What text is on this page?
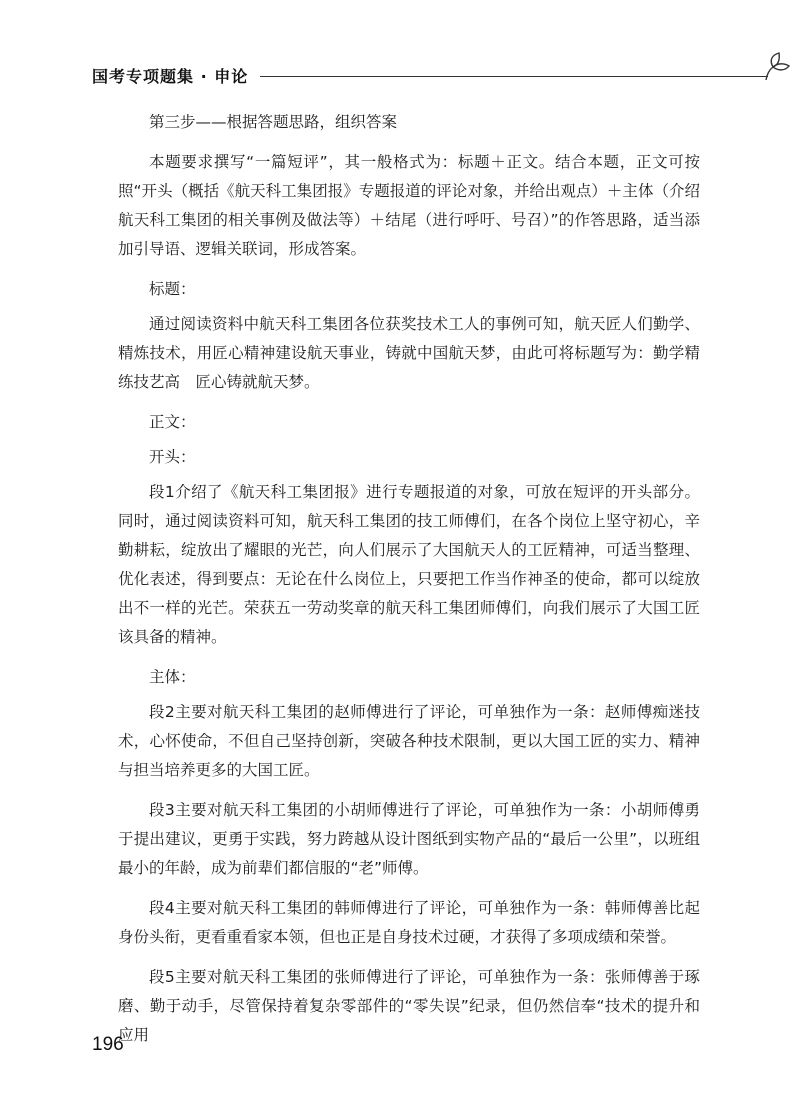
国考专项题集 · 申论

第三步——根据答题思路，组织答案

本题要求撰写“一篇短评”，其一般格式为：标题＋正文。结合本题，正文可按照“开头（概括《航天科工集团报》专题报道的评论对象，并给出观点）＋主体（介绍航天科工集团的相关事例及做法等）＋结尾（进行呼吁、号召）”的作答思路，适当添加引导语、逻辑关联词，形成答案。

标题：

通过阅读资料中航天科工集团各位获奖技术工人的事例可知，航天匠人们勤学、精炼技术，用匠心精神建设航天事业，铸就中国航天梦，由此可将标题写为：勤学精练技艺高　匠心铸就航天梦。

正文：

开头：

段1介绍了《航天科工集团报》进行专题报道的对象，可放在短评的开头部分。同时，通过阅读资料可知，航天科工集团的技工师傅们，在各个岗位上坚守初心，辛勤耕耘，绽放出了耀眼的光芒，向人们展示了大国航天人的工匠精神，可适当整理、优化表述，得到要点：无论在什么岗位上，只要把工作当作神圣的使命，都可以绽放出不一样的光芒。荣获五一劳动奖章的航天科工集团师傅们，向我们展示了大国工匠该具备的精神。

主体：

段2主要对航天科工集团的赵师傅进行了评论，可单独作为一条：赵师傅痴迷技术，心怀使命，不但自己坚持创新，突破各种技术限制，更以大国工匠的实力、精神与担当培养更多的大国工匠。

段3主要对航天科工集团的小胡师傅进行了评论，可单独作为一条：小胡师傅勇于提出建议，更勇于实践，努力跨越从设计图纸到实物产品的“最后一公里”，以班组最小的年龄，成为前辈们都信服的“老”师傅。

段4主要对航天科工集团的韩师傅进行了评论，可单独作为一条：韩师傅善比起身份头衔，更看重看家本领，但也正是自身技术过硬，才获得了多项成绩和荣誉。

段5主要对航天科工集团的张师傅进行了评论，可单独作为一条：张师傅善于琢磨、勤于动手，尽管保持着复杂零部件的“零失误”纪录，但仍然信奉“技术的提升和应用

196
